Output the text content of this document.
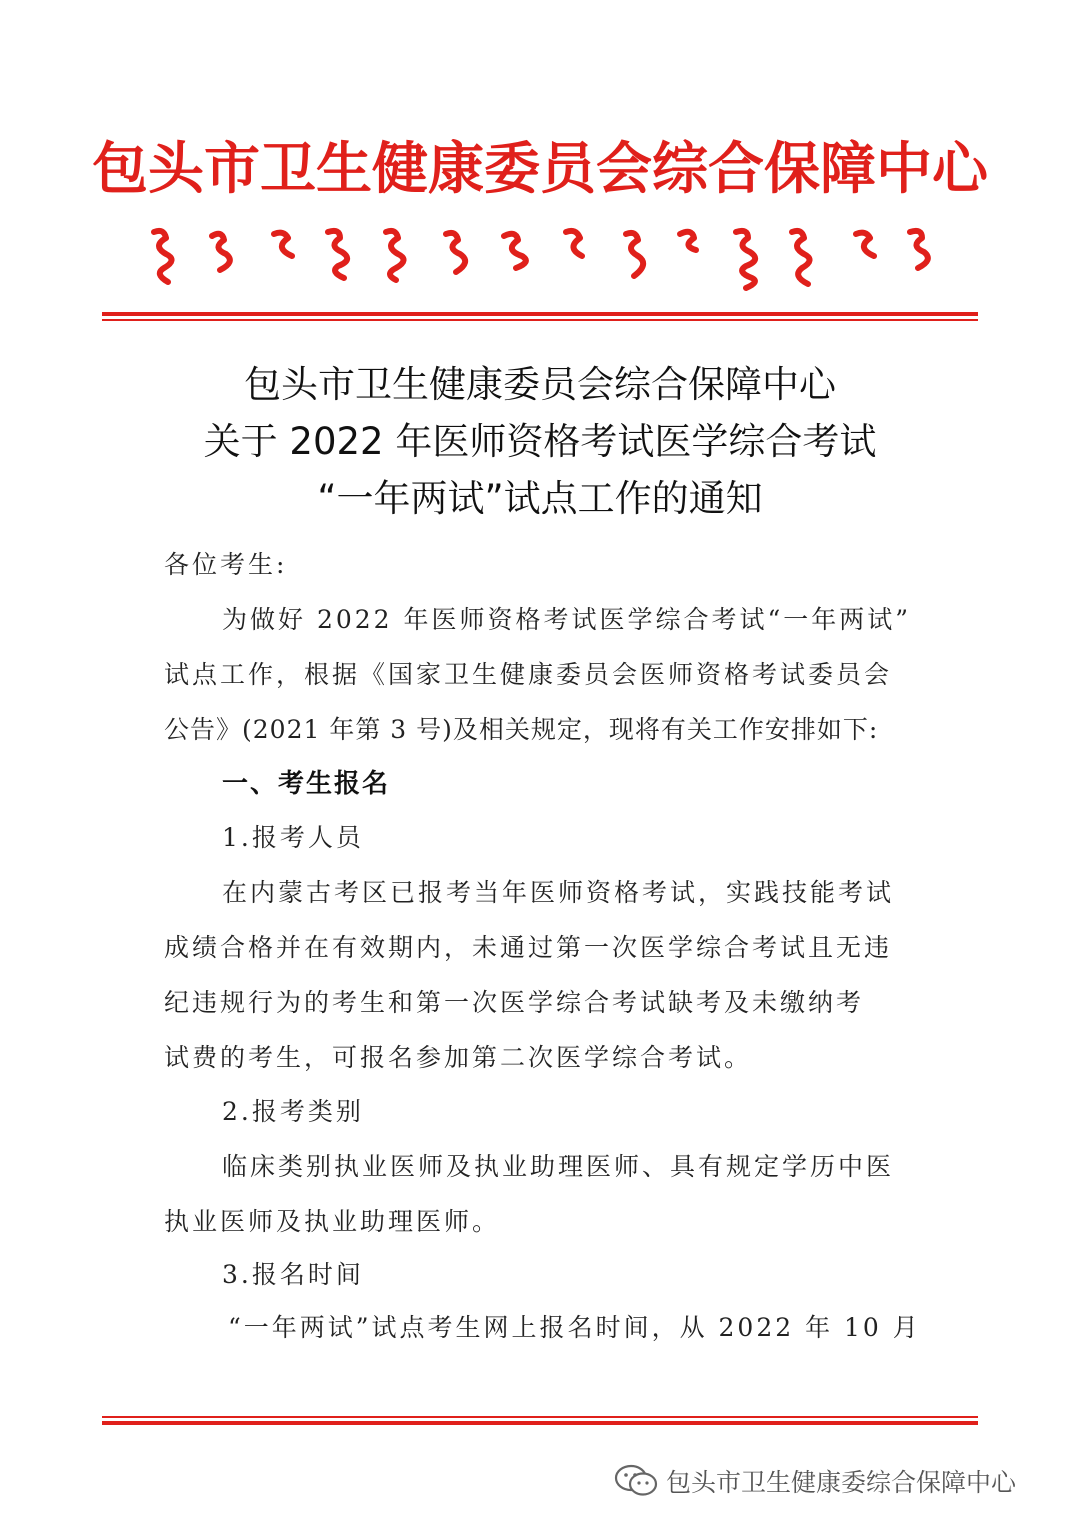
包头市卫生健康委员会综合保障中心
包头市卫生健康委员会综合保障中心
关于 2022 年医师资格考试医学综合考试
“一年两试”试点工作的通知
各位考生:
为做好 2022 年医师资格考试医学综合考试“一年两试”
试点工作，根据《国家卫生健康委员会医师资格考试委员会
公告》(2021 年第 3 号)及相关规定，现将有关工作安排如下:
一、考生报名
1.报考人员
在内蒙古考区已报考当年医师资格考试，实践技能考试
成绩合格并在有效期内，未通过第一次医学综合考试且无违
纪违规行为的考生和第一次医学综合考试缺考及未缴纳考
试费的考生，可报名参加第二次医学综合考试。
2.报考类别
临床类别执业医师及执业助理医师、具有规定学历中医
执业医师及执业助理医师。
3.报名时间
“一年两试”试点考生网上报名时间，从 2022 年 10 月
包头市卫生健康委综合保障中心
